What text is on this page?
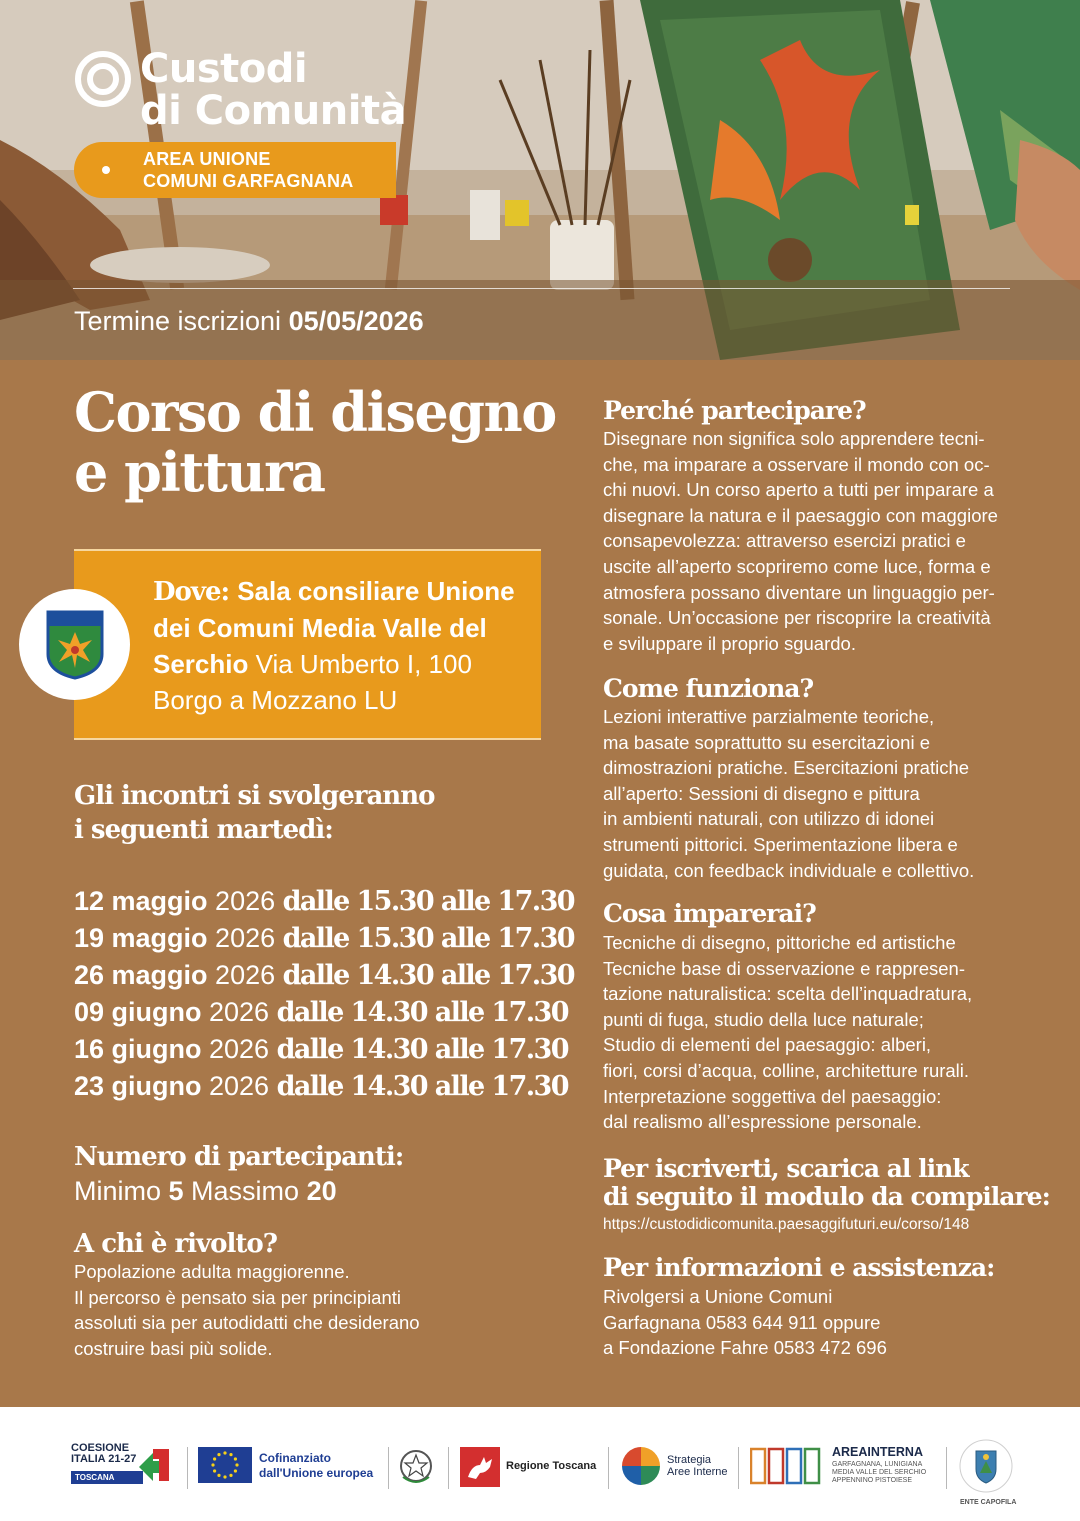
Custodi
di Comunità
AREA UNIONE
COMUNI GARFAGNANA
Termine iscrizioni 05/05/2026
Corso di disegno
e pittura
Dove: Sala consiliare Unione
dei Comuni Media Valle del
Serchio Via Umberto I, 100
Borgo a Mozzano LU
Gli incontri si svolgeranno
i seguenti martedì:
12 maggio 2026 dalle 15.30 alle 17.30
19 maggio 2026 dalle 15.30 alle 17.30
26 maggio 2026 dalle 14.30 alle 17.30
09 giugno 2026 dalle 14.30 alle 17.30
16 giugno 2026 dalle 14.30 alle 17.30
23 giugno 2026 dalle 14.30 alle 17.30
Numero di partecipanti:
Minimo 5 Massimo 20
A chi è rivolto?
Popolazione adulta maggiorenne.
Il percorso è pensato sia per principianti
assoluti sia per autodidatti che desiderano
costruire basi più solide.
Perché partecipare?
Disegnare non significa solo apprendere tecni-
che, ma imparare a osservare il mondo con oc-
chi nuovi. Un corso aperto a tutti per imparare a
disegnare la natura e il paesaggio con maggiore
consapevolezza: attraverso esercizi pratici e
uscite all’aperto scopriremo come luce, forma e
atmosfera possano diventare un linguaggio per-
sonale. Un’occasione per riscoprire la creatività
e sviluppare il proprio sguardo.
Come funziona?
Lezioni interattive parzialmente teoriche,
ma basate soprattutto su esercitazioni e
dimostrazioni pratiche. Esercitazioni pratiche
all’aperto: Sessioni di disegno e pittura
in ambienti naturali, con utilizzo di idonei
strumenti pittorici. Sperimentazione libera e
guidata, con feedback individuale e collettivo.
Cosa imparerai?
Tecniche di disegno, pittoriche ed artistiche
Tecniche base di osservazione e rappresen-
tazione naturalistica: scelta dell’inquadratura,
punti di fuga, studio della luce naturale;
Studio di elementi del paesaggio: alberi,
fiori, corsi d’acqua, colline, architetture rurali.
Interpretazione soggettiva del paesaggio:
dal realismo all’espressione personale.
Per iscriverti, scarica al link
di seguito il modulo da compilare:
https://custodidicomunita.paesaggifuturi.eu/corso/148
Per informazioni e assistenza:
Rivolgersi a Unione Comuni
Garfagnana 0583 644 911 oppure
a Fondazione Fahre 0583 472 696
COESIONE
ITALIA 21-27
TOSCANA
Cofinanziato
dall'Unione europea	Regione Toscana	Strategia
Aree Interne
AREAINTERNA
GARFAGNANA, LUNIGIANA
MEDIA VALLE DEL SERCHIO
APPENNINO PISTOIESE
ENTE CAPOFILA
